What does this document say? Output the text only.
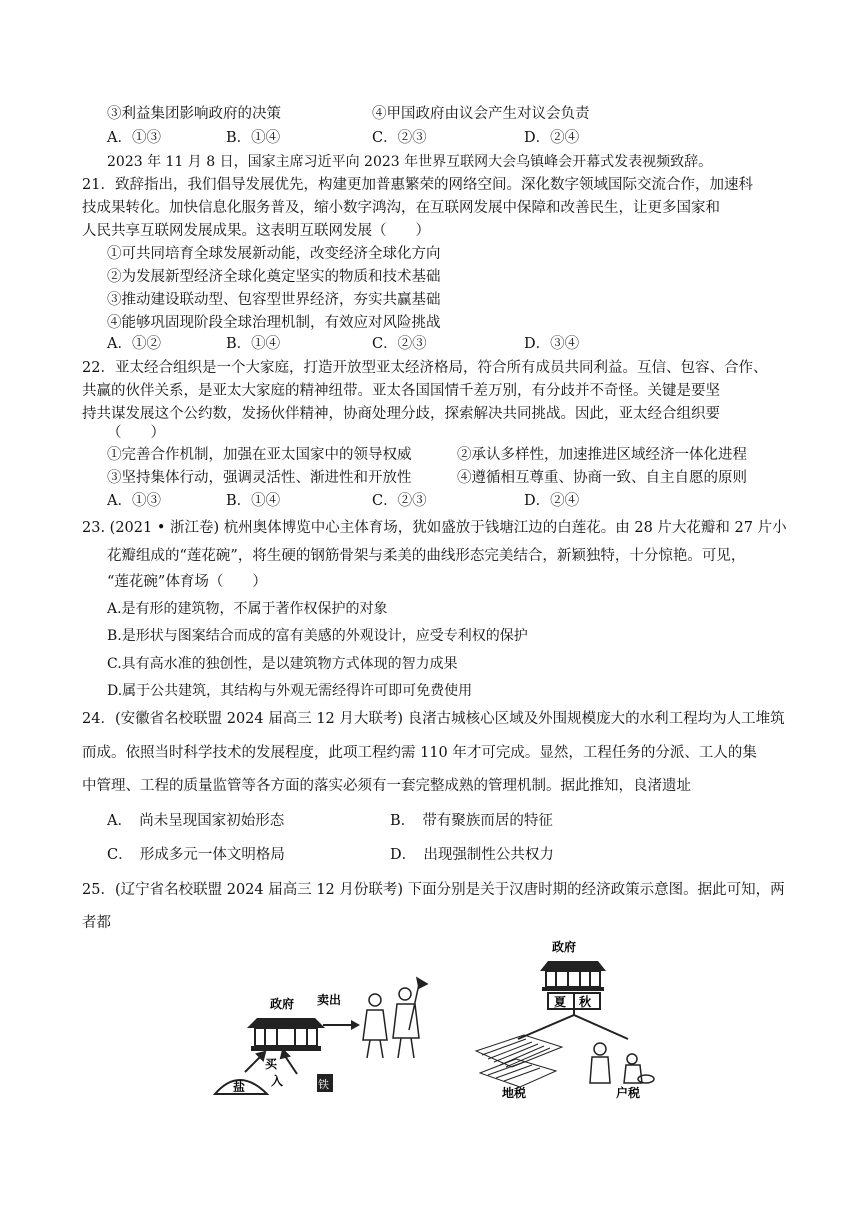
③利益集团影响政府的决策	④甲国政府由议会产生对议会负责
A．①③	B．①④	C．②③	D．②④
2023 年 11 月 8 日，国家主席习近平向 2023 年世界互联网大会乌镇峰会开幕式发表视频致辞。
21．致辞指出，我们倡导发展优先，构建更加普惠繁荣的网络空间。深化数字领域国际交流合作，加速科
技成果转化。加快信息化服务普及，缩小数字鸿沟，在互联网发展中保障和改善民生，让更多国家和
人民共享互联网发展成果。这表明互联网发展（　　）
①可共同培育全球发展新动能，改变经济全球化方向
②为发展新型经济全球化奠定坚实的物质和技术基础
③推动建设联动型、包容型世界经济，夯实共赢基础
④能够巩固现阶段全球治理机制，有效应对风险挑战
A．①②	B．①④	C．②③	D．③④
22．亚太经合组织是一个大家庭，打造开放型亚太经济格局，符合所有成员共同利益。互信、包容、合作、
共赢的伙伴关系，是亚太大家庭的精神纽带。亚太各国国情千差万别，有分歧并不奇怪。关键是要坚
持共谋发展这个公约数，发扬伙伴精神，协商处理分歧，探索解决共同挑战。因此，亚太经合组织要
（　　）
①完善合作机制，加强在亚太国家中的领导权威	②承认多样性，加速推进区域经济一体化进程
③坚持集体行动，强调灵活性、渐进性和开放性	④遵循相互尊重、协商一致、自主自愿的原则
A．①③	B．①④	C．②③	D．②④
23. (2021 • 浙江卷) 杭州奥体博览中心主体育场，犹如盛放于钱塘江边的白莲花。由 28 片大花瓣和 27 片小
花瓣组成的“莲花碗”，将生硬的钢筋骨架与柔美的曲线形态完美结合，新颖独特，十分惊艳。可见，
“莲花碗”体育场（　　）
A.是有形的建筑物，不属于著作权保护的对象
B.是形状与图案结合而成的富有美感的外观设计，应受专利权的保护
C.具有高水准的独创性，是以建筑物方式体现的智力成果
D.属于公共建筑，其结构与外观无需经得许可即可免费使用
24．(安徽省名校联盟 2024 届高三 12 月大联考) 良渚古城核心区域及外围规模庞大的水利工程均为人工堆筑
而成。依照当时科学技术的发展程度，此项工程约需 110 年才可完成。显然，工程任务的分派、工人的集
中管理、工程的质量监管等各方面的落实必须有一套完整成熟的管理机制。据此推知，良渚遗址
A．　尚未呈现国家初始形态	B．　带有聚族而居的特征
C．　形成多元一体文明格局	D．　出现强制性公共权力
25．(辽宁省名校联盟 2024 届高三 12 月份联考) 下面分别是关于汉唐时期的经济政策示意图。据此可知，两
者都
政府 卖出
买
入
盐	铁
政府
夏 秋
地税	户税
